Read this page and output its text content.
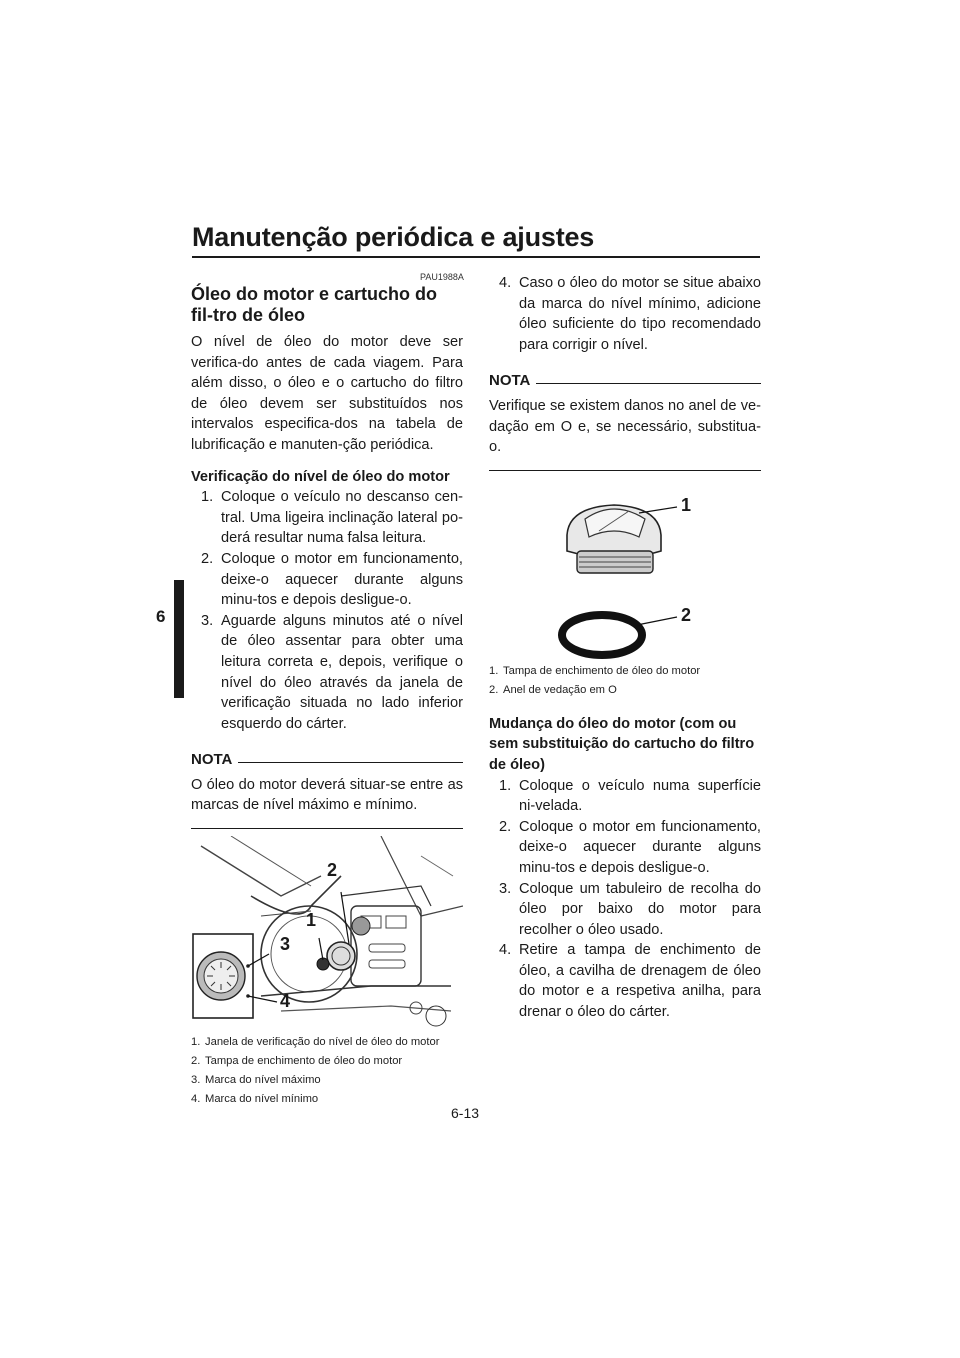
Manutenção periódica e ajustes
6
PAU1988A
Óleo do motor e cartucho do fil-tro de óleo

O nível de óleo do motor deve ser verifica-do antes de cada viagem. Para além disso, o óleo e o cartucho do filtro de óleo devem ser substituídos nos intervalos especifica-dos na tabela de lubrificação e manuten-ção periódica.

Verificação do nível de óleo do motor
1. Coloque o veículo no descanso cen-tral. Uma ligeira inclinação lateral po-derá resultar numa falsa leitura.
2. Coloque o motor em funcionamento, deixe-o aquecer durante alguns minu-tos e depois desligue-o.
3. Aguarde alguns minutos até o nível de óleo assentar para obter uma leitura correta e, depois, verifique o nível do óleo através da janela de verificação situada no lado inferior esquerdo do cárter.
NOTA

O óleo do motor deverá situar-se entre as marcas de nível máximo e mínimo.

2
1
3
4
1. Janela de verificação do nível de óleo do motor
2. Tampa de enchimento de óleo do motor
3. Marca do nível máximo
4. Marca do nível mínimo
4. Caso o óleo do motor se situe abaixo da marca do nível mínimo, adicione óleo suficiente do tipo recomendado para corrigir o nível.
NOTA

Verifique se existem danos no anel de ve-dação em O e, se necessário, substitua-o.

1
2
1. Tampa de enchimento de óleo do motor
2. Anel de vedação em O
Mudança do óleo do motor (com ou sem substituição do cartucho do filtro de óleo)
1. Coloque o veículo numa superfície ni-velada.
2. Coloque o motor em funcionamento, deixe-o aquecer durante alguns minu-tos e depois desligue-o.
3. Coloque um tabuleiro de recolha do óleo por baixo do motor para recolher o óleo usado.
4. Retire a tampa de enchimento de óleo, a cavilha de drenagem de óleo do motor e a respetiva anilha, para drenar o óleo do cárter.
6-13
